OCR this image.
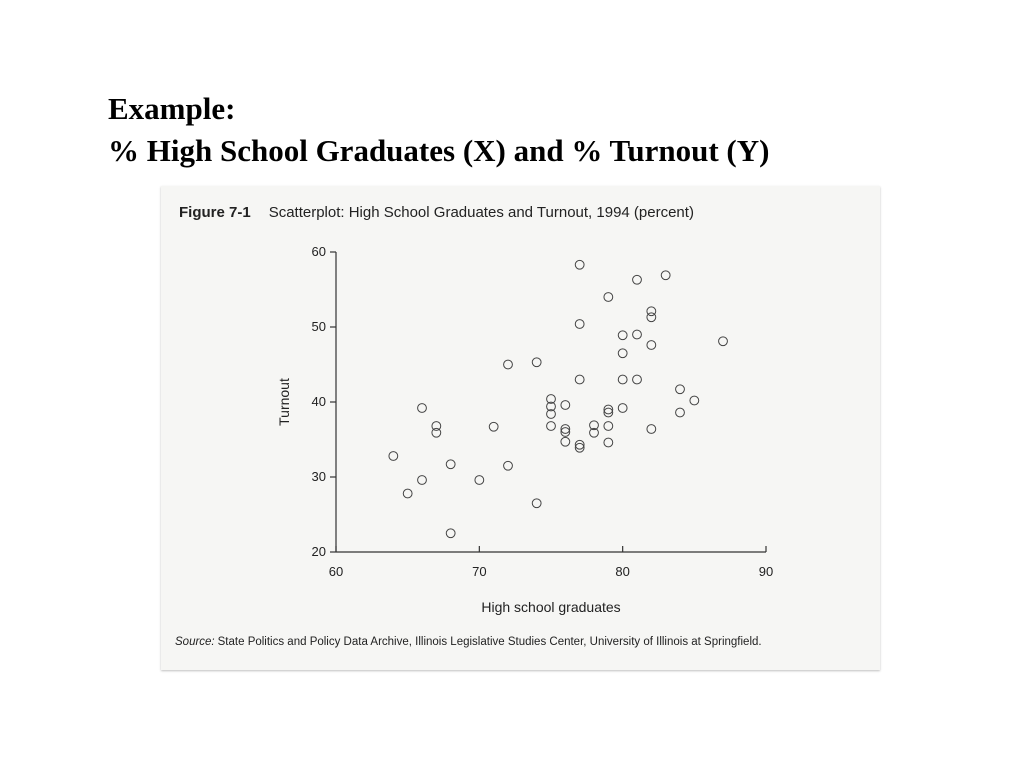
Example:
% High School Graduates (X) and % Turnout (Y)
Figure 7-1 Scatterplot: High School Graduates and Turnout, 1994 (percent)
60	70	80	90
20
30
40
50
60
High school graduates
Turnout
Source: State Politics and Policy Data Archive, Illinois Legislative Studies Center, University of Illinois at Springfield.
